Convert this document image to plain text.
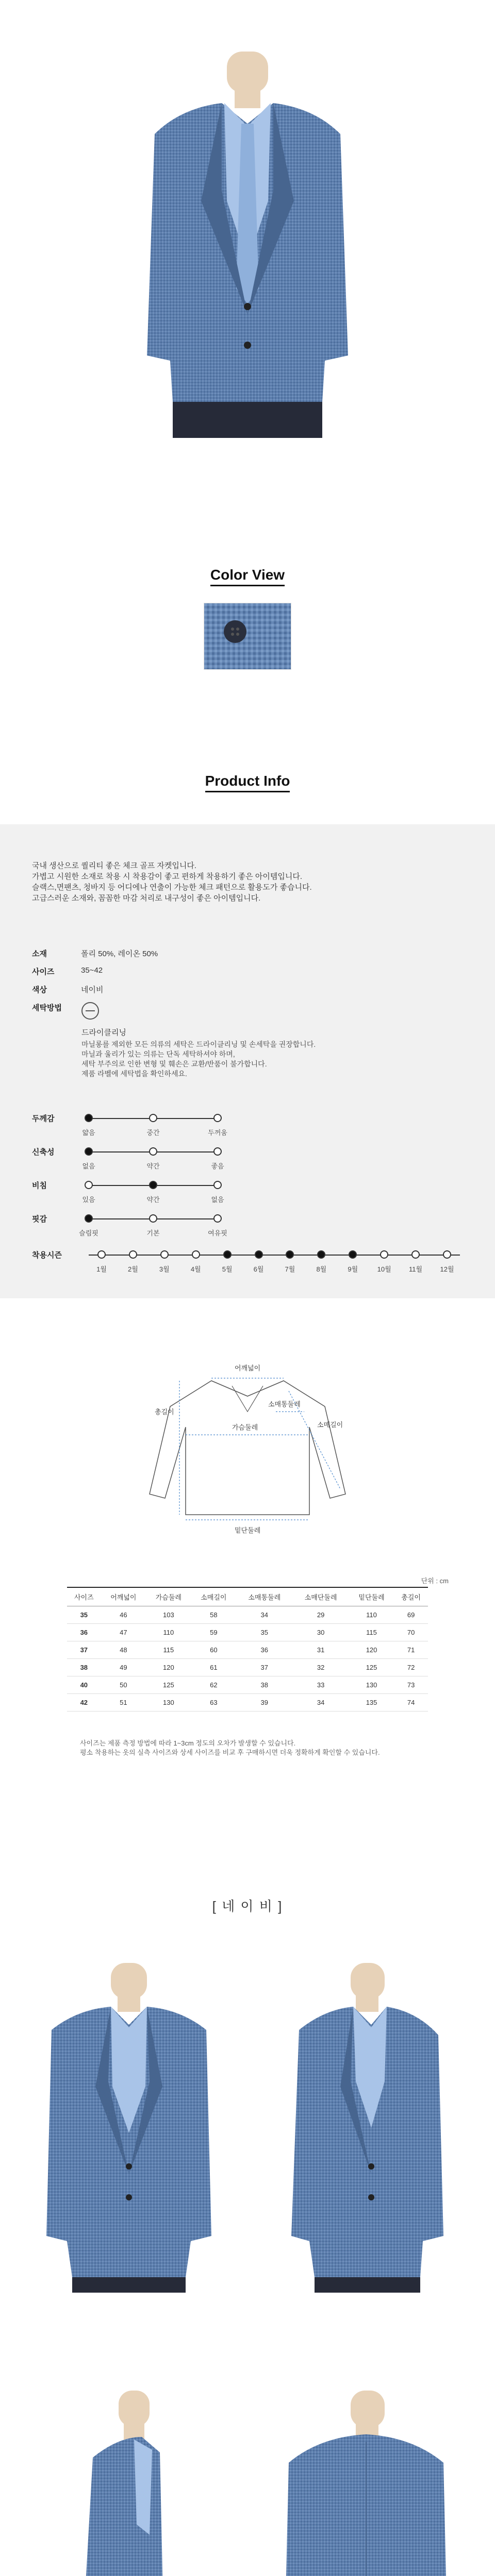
Color View
Product Info
국내 생산으로 퀄리티 좋은 체크 골프 자켓입니다.
가볍고 시원한 소재로 착용 시 착용감이 좋고 편하게 착용하기 좋은 아이템입니다.
슬랙스,면팬츠, 청바지 등 어디에나 연출이 가능한 체크 패턴으로 활용도가 좋습니다.
고급스러운 소재와, 꼼꼼한 마감 처리로 내구성이 좋은 아이템입니다.
소재	폴리 50%, 레이온 50%
사이즈	35~42
색상	네이비
세탁방법
드라이클리닝
마닐롱를 제외한 모든 의류의 세탁은 드라이클리닝 및 손세탁을 권장합니다.
마닐과 울리가 있는 의류는 단독 세탁하셔야 하며,
세탁 부주의로 인한 변형 및 훼손은 교환/반품이 불가합니다.
제품 라벨에 세탁법을 확인하세요.
두께감
얇음	중간	두꺼움
신축성
없음	약간	좋음
비침
있음	약간	없음
핏감
슬림핏	기본	여유핏
착용시즌
1월	2월	3월	4월	5월	6월	7월	8월	9월	10월	11월	12월
어깨넓이
소매통둘레
가슴둘레
총길이
소매길이
밑단둘레
단위 : cm
사이즈	어깨넓이	가슴둘레	소매길이	소매통둘레	소매단둘레	밑단둘레	총길이
35	46	103	58	34	29	110	69
36	47	110	59	35	30	115	70
37	48	115	60	36	31	120	71
38	49	120	61	37	32	125	72
40	50	125	62	38	33	130	73
42	51	130	63	39	34	135	74
사이즈는 제품 측정 방법에 따라 1~3cm 정도의 오차가 발생할 수 있습니다.
평소 착용하는 옷의 실측 사이즈와 상세 사이즈를 비교 후 구매하시면 더욱 정확하게 확인할 수 있습니다.
[ 네 이 비 ]
